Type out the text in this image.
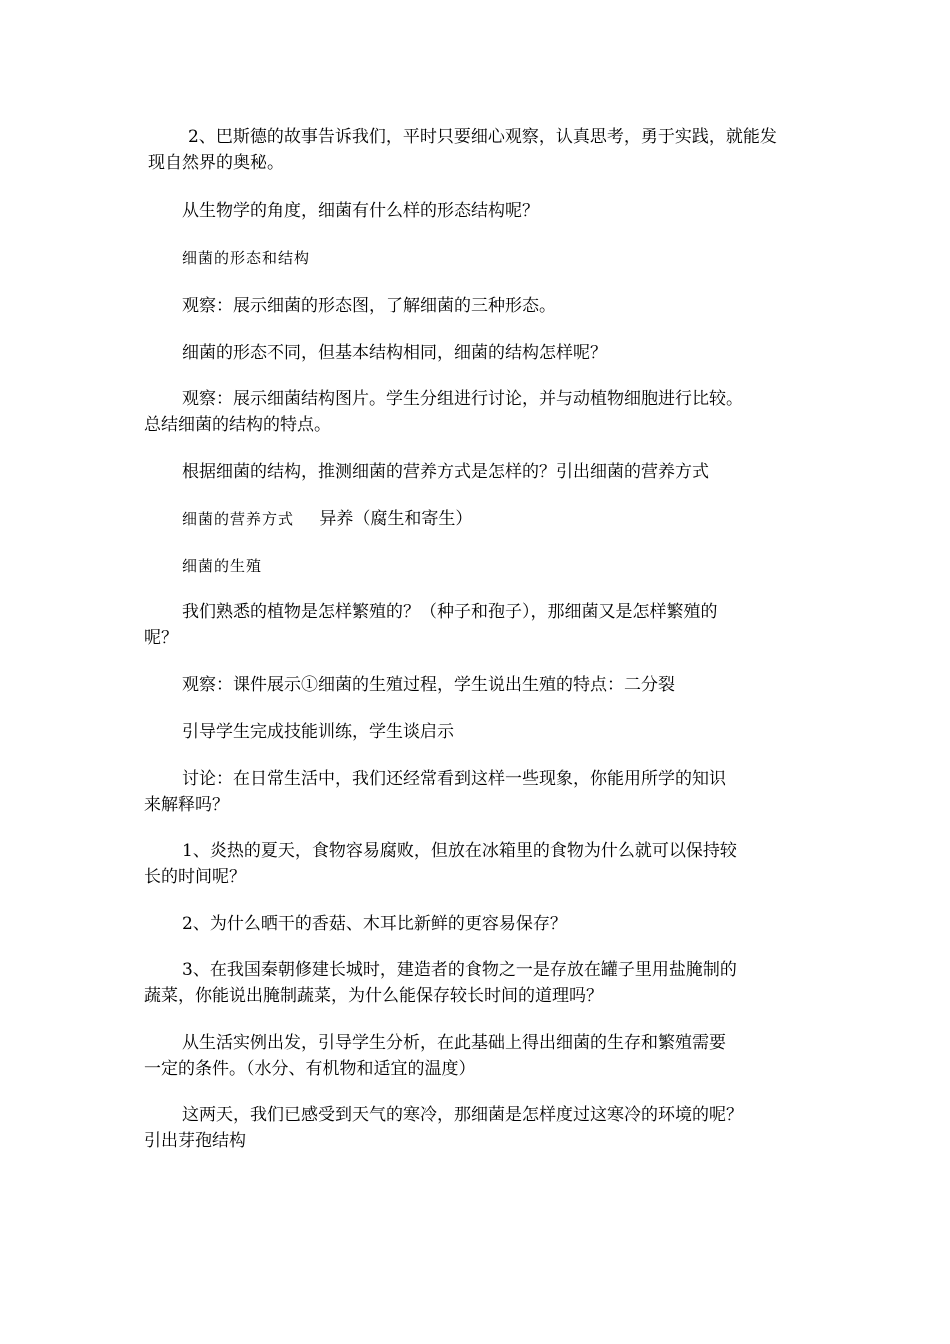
2、巴斯德的故事告诉我们，平时只要细心观察，认真思考，勇于实践，就能发
现自然界的奥秘。
从生物学的角度，细菌有什么样的形态结构呢？
细菌的形态和结构
观察：展示细菌的形态图，了解细菌的三种形态。
细菌的形态不同，但基本结构相同，细菌的结构怎样呢？
观察：展示细菌结构图片。学生分组进行讨论，并与动植物细胞进行比较。
总结细菌的结构的特点。
根据细菌的结构，推测细菌的营养方式是怎样的？引出细菌的营养方式
细菌的营养方式 异养（腐生和寄生）
细菌的生殖
我们熟悉的植物是怎样繁殖的？（种子和孢子），那细菌又是怎样繁殖的
呢？
观察：课件展示①细菌的生殖过程，学生说出生殖的特点：二分裂
引导学生完成技能训练，学生谈启示
讨论：在日常生活中，我们还经常看到这样一些现象，你能用所学的知识
来解释吗？
1、炎热的夏天，食物容易腐败，但放在冰箱里的食物为什么就可以保持较
长的时间呢？
2、为什么晒干的香菇、木耳比新鲜的更容易保存？
3、在我国秦朝修建长城时，建造者的食物之一是存放在罐子里用盐腌制的
蔬菜，你能说出腌制蔬菜，为什么能保存较长时间的道理吗？
从生活实例出发，引导学生分析，在此基础上得出细菌的生存和繁殖需要
一定的条件。（水分、有机物和适宜的温度）
这两天，我们已感受到天气的寒冷，那细菌是怎样度过这寒冷的环境的呢？
引出芽孢结构
